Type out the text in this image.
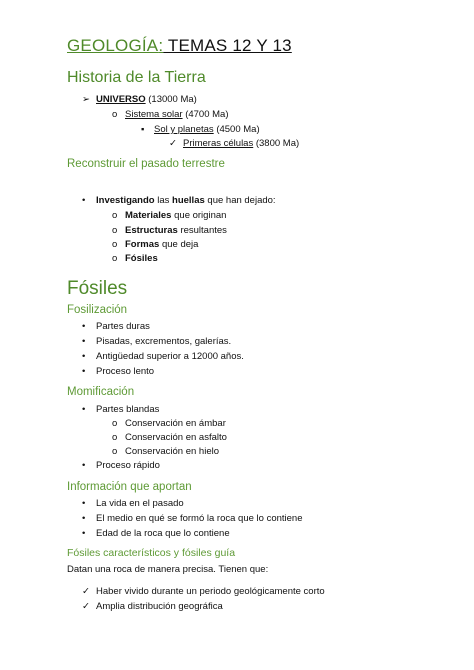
GEOLOGÍA: TEMAS 12 Y 13
Historia de la Tierra
➢ UNIVERSO (13000 Ma)
o Sistema solar (4700 Ma)
▪ Sol y planetas (4500 Ma)
✓ Primeras células (3800 Ma)
Reconstruir el pasado terrestre
• Investigando las huellas que han dejado:
o Materiales que originan
o Estructuras resultantes
o Formas que deja
o Fósiles
Fósiles
Fosilización
• Partes duras
• Pisadas, excrementos, galerías.
• Antigüedad superior a 12000 años.
• Proceso lento
Momificación
• Partes blandas
o Conservación en ámbar
o Conservación en asfalto
o Conservación en hielo
• Proceso rápido
Información que aportan
• La vida en el pasado
• El medio en qué se formó la roca que lo contiene
• Edad de la roca que lo contiene
Fósiles característicos y fósiles guía
Datan una roca de manera precisa. Tienen que:
✓ Haber vivido durante un periodo geológicamente corto
✓ Amplia distribución geográfica
